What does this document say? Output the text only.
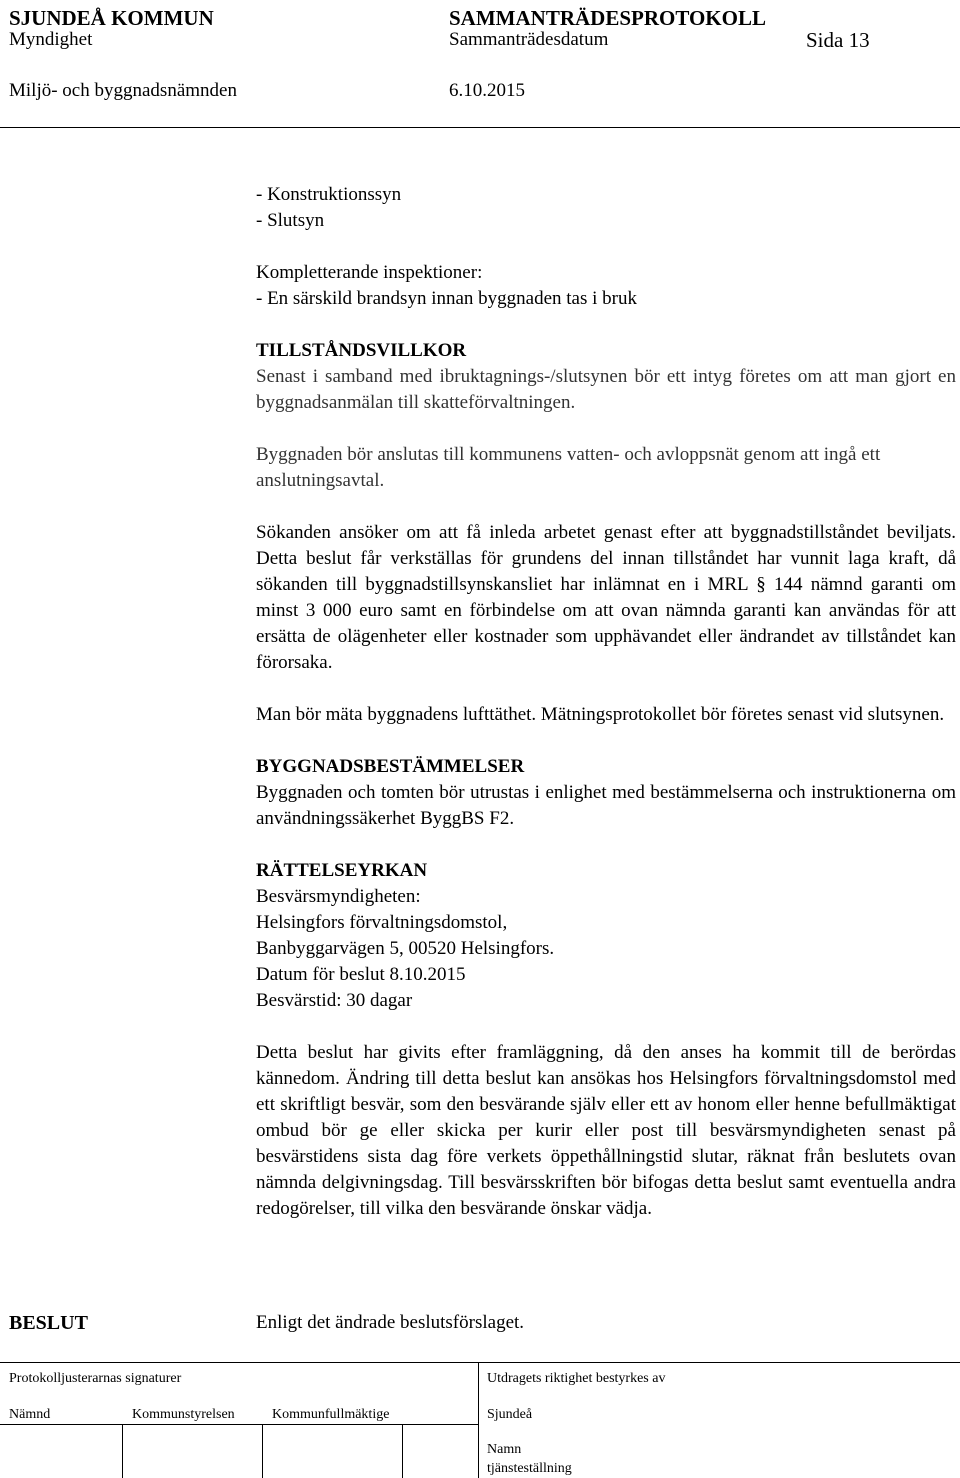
SJUNDEÅ KOMMUN	SAMMANTRÄDESPROTOKOLL
Myndighet	Sammanträdesdatum	Sida 13
Miljö- och byggnadsnämnden	6.10.2015

- Konstruktionssyn

- Slutsyn

Kompletterande inspektioner:

- En särskild brandsyn innan byggnaden tas i bruk

TILLSTÅNDSVILLKOR

Senast i samband med ibruktagnings-/slutsynen bör ett intyg företes om att man gjort en byggnadsanmälan till skatteförvaltningen.

Byggnaden bör anslutas till kommunens vatten- och avloppsnät genom att ingå ett anslutningsavtal.

Sökanden ansöker om att få inleda arbetet genast efter att byggnadstillståndet beviljats. Detta beslut får verkställas för grundens del innan tillståndet har vunnit laga kraft, då sökanden till byggnadstillsynskansliet har inlämnat en i MRL § 144 nämnd garanti om minst 3 000 euro samt en förbindelse om att ovan nämnda garanti kan användas för att ersätta de olägenheter eller kostnader som upphävandet eller ändrandet av tillståndet kan förorsaka.

Man bör mäta byggnadens lufttäthet. Mätningsprotokollet bör företes senast vid slutsynen.

BYGGNADSBESTÄMMELSER

Byggnaden och tomten bör utrustas i enlighet med bestämmelserna och instruktionerna om användningssäkerhet ByggBS F2.

RÄTTELSEYRKAN

Besvärsmyndigheten:

Helsingfors förvaltningsdomstol,

Banbyggarvägen 5, 00520 Helsingfors.

Datum för beslut 8.10.2015

Besvärstid: 30 dagar

Detta beslut har givits efter framläggning, då den anses ha kommit till de berördas kännedom. Ändring till detta beslut kan ansökas hos Helsingfors förvaltningsdomstol med ett skriftligt besvär, som den besvärande själv eller ett av honom eller henne befullmäktigat ombud bör ge eller skicka per kurir eller post till besvärsmyndigheten senast på besvärstidens sista dag före verkets öppethållningstid slutar, räknat från beslutets ovan nämnda delgivningsdag. Till besvärsskriften bör bifogas detta beslut samt eventuella andra redogörelser, till vilka den besvärande önskar vädja.

BESLUT	Enligt det ändrade beslutsförslaget.
Protokolljusterarnas signaturer	Utdragets riktighet bestyrkes av
Nämnd	Kommunstyrelsen	Kommunfullmäktige	Sjundeå
Namn
tjänsteställning
